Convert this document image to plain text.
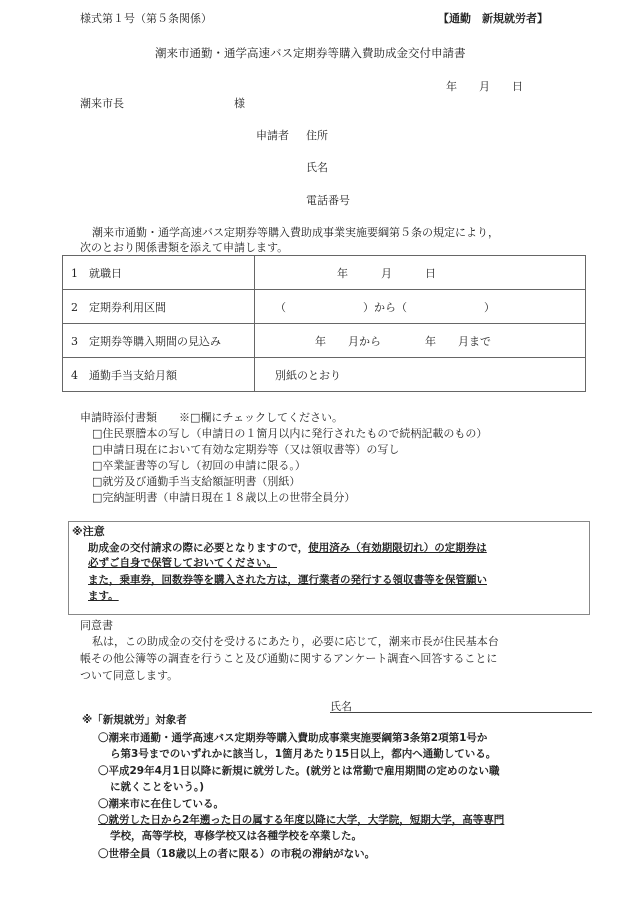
様式第１号（第５条関係）	【通勤　新規就労者】
潮来市通勤・通学高速バス定期券等購入費助成金交付申請書
年　　月　　日
潮来市長　　　　　　　　　　様
申請者 住所
氏名
電話番号
潮来市通勤・通学高速バス定期券等購入費助成事業実施要綱第５条の規定により，
次のとおり関係書類を添えて申請します。
1　就職日	年　　　月　　　日
2　定期券利用区間	（　　　　　　　）から（　　　　　　　）
3　定期券等購入期間の見込み	年　　月から　　　　年　　月まで
4　通勤手当支給月額	別紙のとおり
申請時添付書類　　※□欄にチェックしてください。
□住民票謄本の写し（申請日の１箇月以内に発行されたもので続柄記載のもの）
□申請日現在において有効な定期券等（又は領収書等）の写し
□卒業証書等の写し（初回の申請に限る。）
□就労及び通勤手当支給額証明書（別紙）
□完納証明書（申請日現在１８歳以上の世帯全員分）
※注意
助成金の交付請求の際に必要となりますので，使用済み（有効期限切れ）の定期券は
必ずご自身で保管しておいてください。
また，乗車券，回数券等を購入された方は，運行業者の発行する領収書等を保管願い
ます。
同意書
私は，この助成金の交付を受けるにあたり，必要に応じて，潮来市長が住民基本台
帳その他公簿等の調査を行うこと及び通勤に関するアンケート調査へ回答することに
ついて同意します。
氏名
※「新規就労」対象者
〇潮来市通勤・通学高速バス定期券等購入費助成事業実施要綱第3条第2項第1号か
ら第3号までのいずれかに該当し，1箇月あたり15日以上，都内へ通勤している。
〇平成29年4月1日以降に新規に就労した。(就労とは常勤で雇用期間の定めのない職
に就くことをいう。)
〇潮来市に在住している。
〇就労した日から2年遡った日の属する年度以降に大学，大学院，短期大学，高等専門
学校，高等学校，専修学校又は各種学校を卒業した。
〇世帯全員（18歳以上の者に限る）の市税の滞納がない。
